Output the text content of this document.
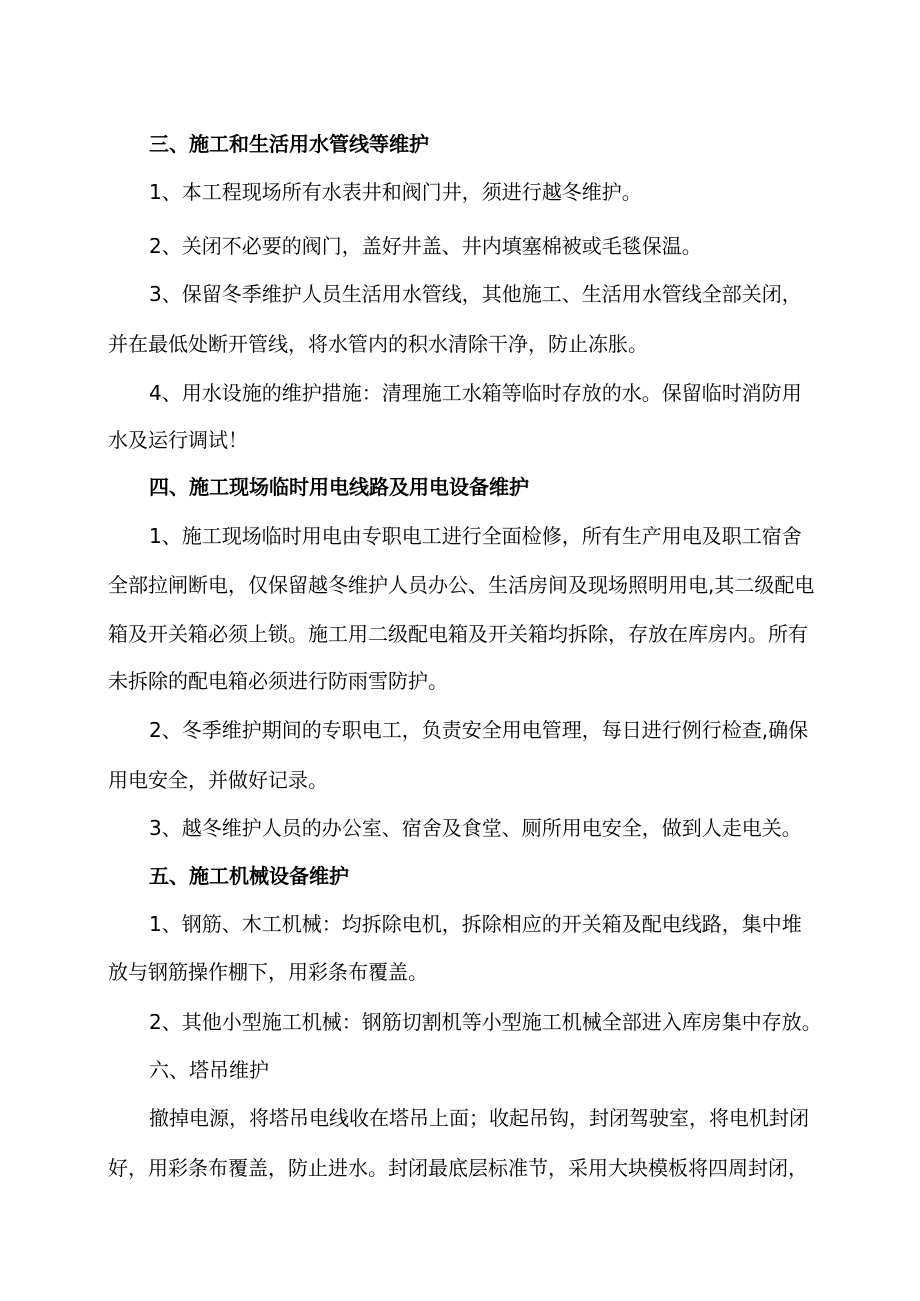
三、施工和生活用水管线等维护
1、本工程现场所有水表井和阀门井，须进行越冬维护。
2、关闭不必要的阀门，盖好井盖、井内填塞棉被或毛毯保温。
3、保留冬季维护人员生活用水管线，其他施工、生活用水管线全部关闭，
并在最低处断开管线，将水管内的积水清除干净，防止冻胀。
4、用水设施的维护措施：清理施工水箱等临时存放的水。保留临时消防用
水及运行调试！
四、施工现场临时用电线路及用电设备维护
1、施工现场临时用电由专职电工进行全面检修，所有生产用电及职工宿舍
全部拉闸断电，仅保留越冬维护人员办公、生活房间及现场照明用电,其二级配电
箱及开关箱必须上锁。施工用二级配电箱及开关箱均拆除，存放在库房内。所有
未拆除的配电箱必须进行防雨雪防护。
2、冬季维护期间的专职电工，负责安全用电管理，每日进行例行检查,确保
用电安全，并做好记录。
3、越冬维护人员的办公室、宿舍及食堂、厕所用电安全，做到人走电关。
五、施工机械设备维护
1、钢筋、木工机械：均拆除电机，拆除相应的开关箱及配电线路，集中堆
放与钢筋操作棚下，用彩条布覆盖。
2、其他小型施工机械：钢筋切割机等小型施工机械全部进入库房集中存放。
六、塔吊维护
撤掉电源，将塔吊电线收在塔吊上面；收起吊钩，封闭驾驶室，将电机封闭
好，用彩条布覆盖，防止进水。封闭最底层标准节，采用大块模板将四周封闭，
